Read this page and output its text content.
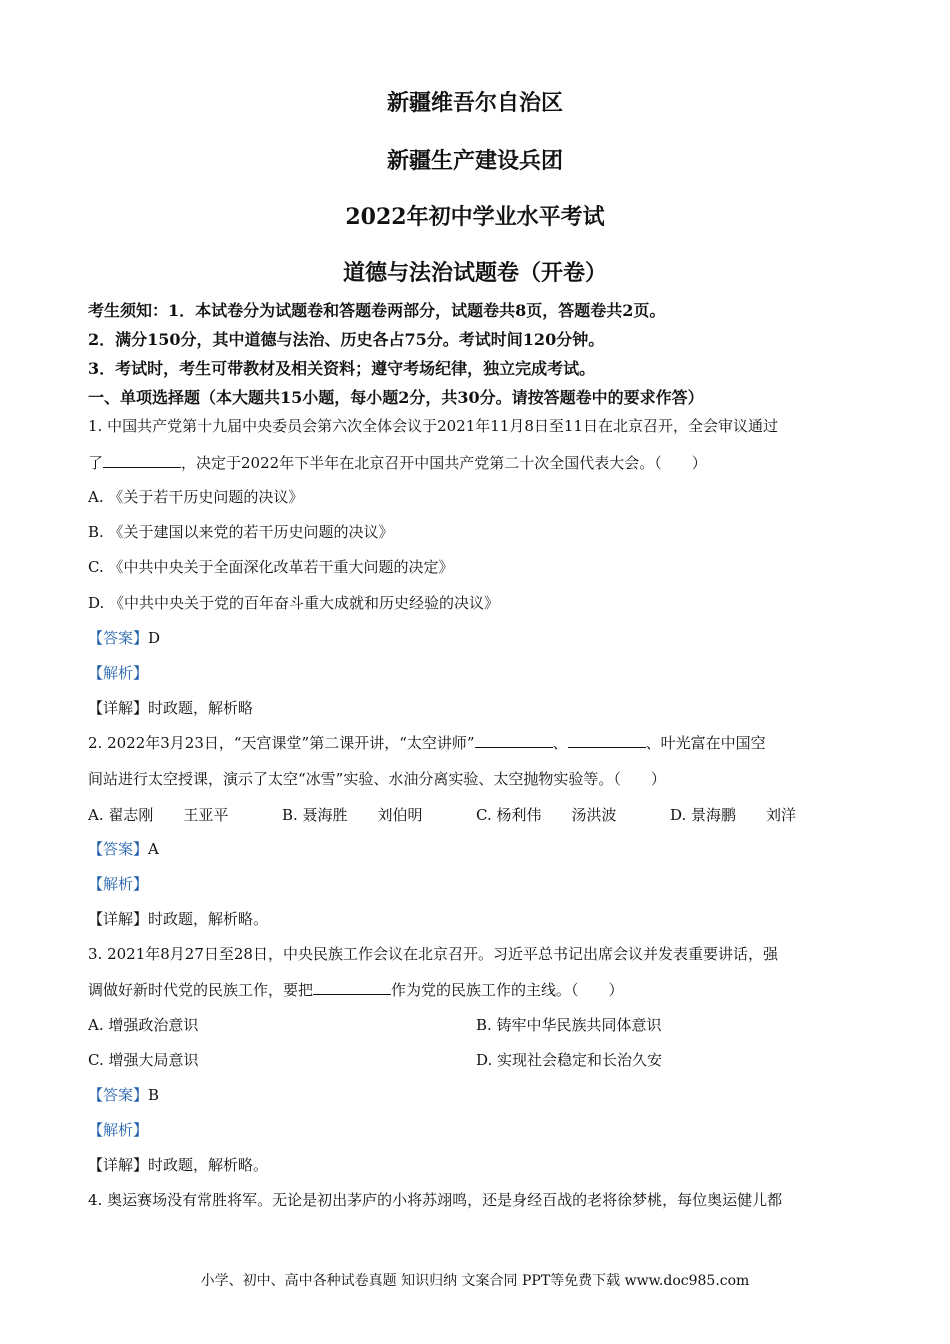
新疆维吾尔自治区
新疆生产建设兵团
2022年初中学业水平考试
道德与法治试题卷（开卷）
考生须知：1．本试卷分为试题卷和答题卷两部分，试题卷共8页，答题卷共2页。
2．满分150分，其中道德与法治、历史各占75分。考试时间120分钟。
3．考试时，考生可带教材及相关资料；遵守考场纪律，独立完成考试。
一、单项选择题（本大题共15小题，每小题2分，共30分。请按答题卷中的要求作答）
1. 中国共产党第十九届中央委员会第六次全体会议于2021年11月8日至11日在北京召开，全会审议通过
了	，决定于2022年下半年在北京召开中国共产党第二十次全国代表大会。（　　）
A. 《关于若干历史问题的决议》
B. 《关于建国以来党的若干历史问题的决议》
C. 《中共中央关于全面深化改革若干重大问题的决定》
D. 《中共中央关于党的百年奋斗重大成就和历史经验的决议》
【答案】D
【解析】
【详解】时政题，解析略
2. 2022年3月23日，“天宫课堂”第二课开讲，“太空讲师”	、	、叶光富在中国空
间站进行太空授课，演示了太空“冰雪”实验、水油分离实验、太空抛物实验等。（　　）
A. 翟志刚　　王亚平	B. 聂海胜　　刘伯明	C. 杨利伟　　汤洪波	D. 景海鹏　　刘洋
【答案】A
【解析】
【详解】时政题，解析略。
3. 2021年8月27日至28日，中央民族工作会议在北京召开。习近平总书记出席会议并发表重要讲话，强
调做好新时代党的民族工作，要把	作为党的民族工作的主线。（　　）
A. 增强政治意识	B. 铸牢中华民族共同体意识
C. 增强大局意识	D. 实现社会稳定和长治久安
【答案】B
【解析】
【详解】时政题，解析略。
4. 奥运赛场没有常胜将军。无论是初出茅庐的小将苏翊鸣，还是身经百战的老将徐梦桃，每位奥运健儿都
小学、初中、高中各种试卷真题 知识归纳 文案合同 PPT等免费下载 www.doc985.com
